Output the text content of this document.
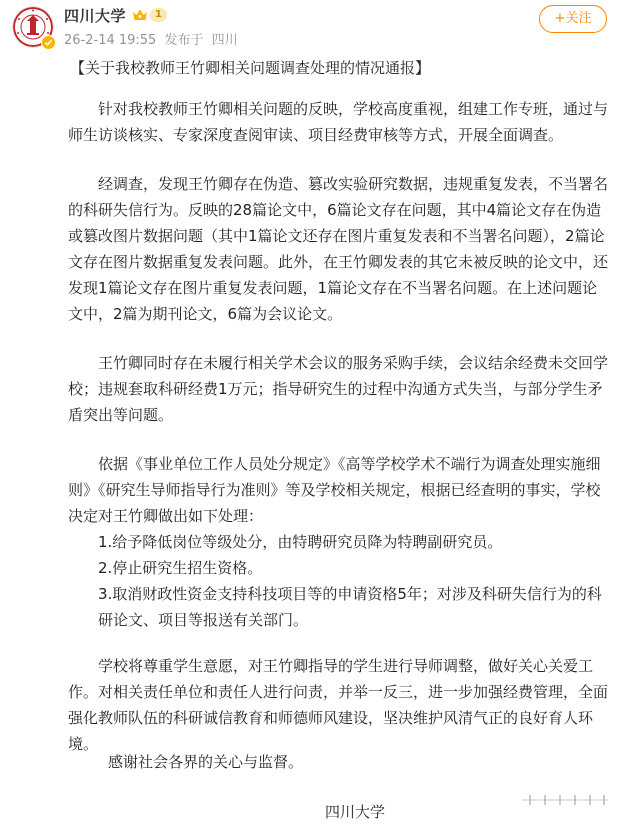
四川大学	1
26-2-14 19:55 发布于 四川
+关注
【关于我校教师王竹卿相关问题调查处理的情况通报】

针对我校教师王竹卿相关问题的反映，学校高度重视，组建工作专班，通过与师生访谈核实、专家深度查阅审读、项目经费审核等方式，开展全面调查。

经调查，发现王竹卿存在伪造、篡改实验研究数据，违规重复发表，不当署名的科研失信行为。反映的28篇论文中，6篇论文存在问题，其中4篇论文存在伪造或篡改图片数据问题（其中1篇论文还存在图片重复发表和不当署名问题），2篇论文存在图片数据重复发表问题。此外，在王竹卿发表的其它未被反映的论文中，还发现1篇论文存在图片重复发表问题，1篇论文存在不当署名问题。在上述问题论文中，2篇为期刊论文，6篇为会议论文。

王竹卿同时存在未履行相关学术会议的服务采购手续，会议结余经费未交回学校；违规套取科研经费1万元；指导研究生的过程中沟通方式失当，与部分学生矛盾突出等问题。

依据《事业单位工作人员处分规定》《高等学校学术不端行为调查处理实施细则》《研究生导师指导行为准则》等及学校相关规定，根据已经查明的事实，学校决定对王竹卿做出如下处理：

1.给予降低岗位等级处分，由特聘研究员降为特聘副研究员。
2.停止研究生招生资格。
3.取消财政性资金支持科技项目等的申请资格5年；对涉及科研失信行为的科研论文、项目等报送有关部门。

学校将尊重学生意愿，对王竹卿指导的学生进行导师调整，做好关心关爱工作。对相关责任单位和责任人进行问责，并举一反三，进一步加强经费管理，全面强化教师队伍的科研诚信教育和师德师风建设，坚决维护风清气正的良好育人环境。

感谢社会各界的关心与监督。
四川大学
